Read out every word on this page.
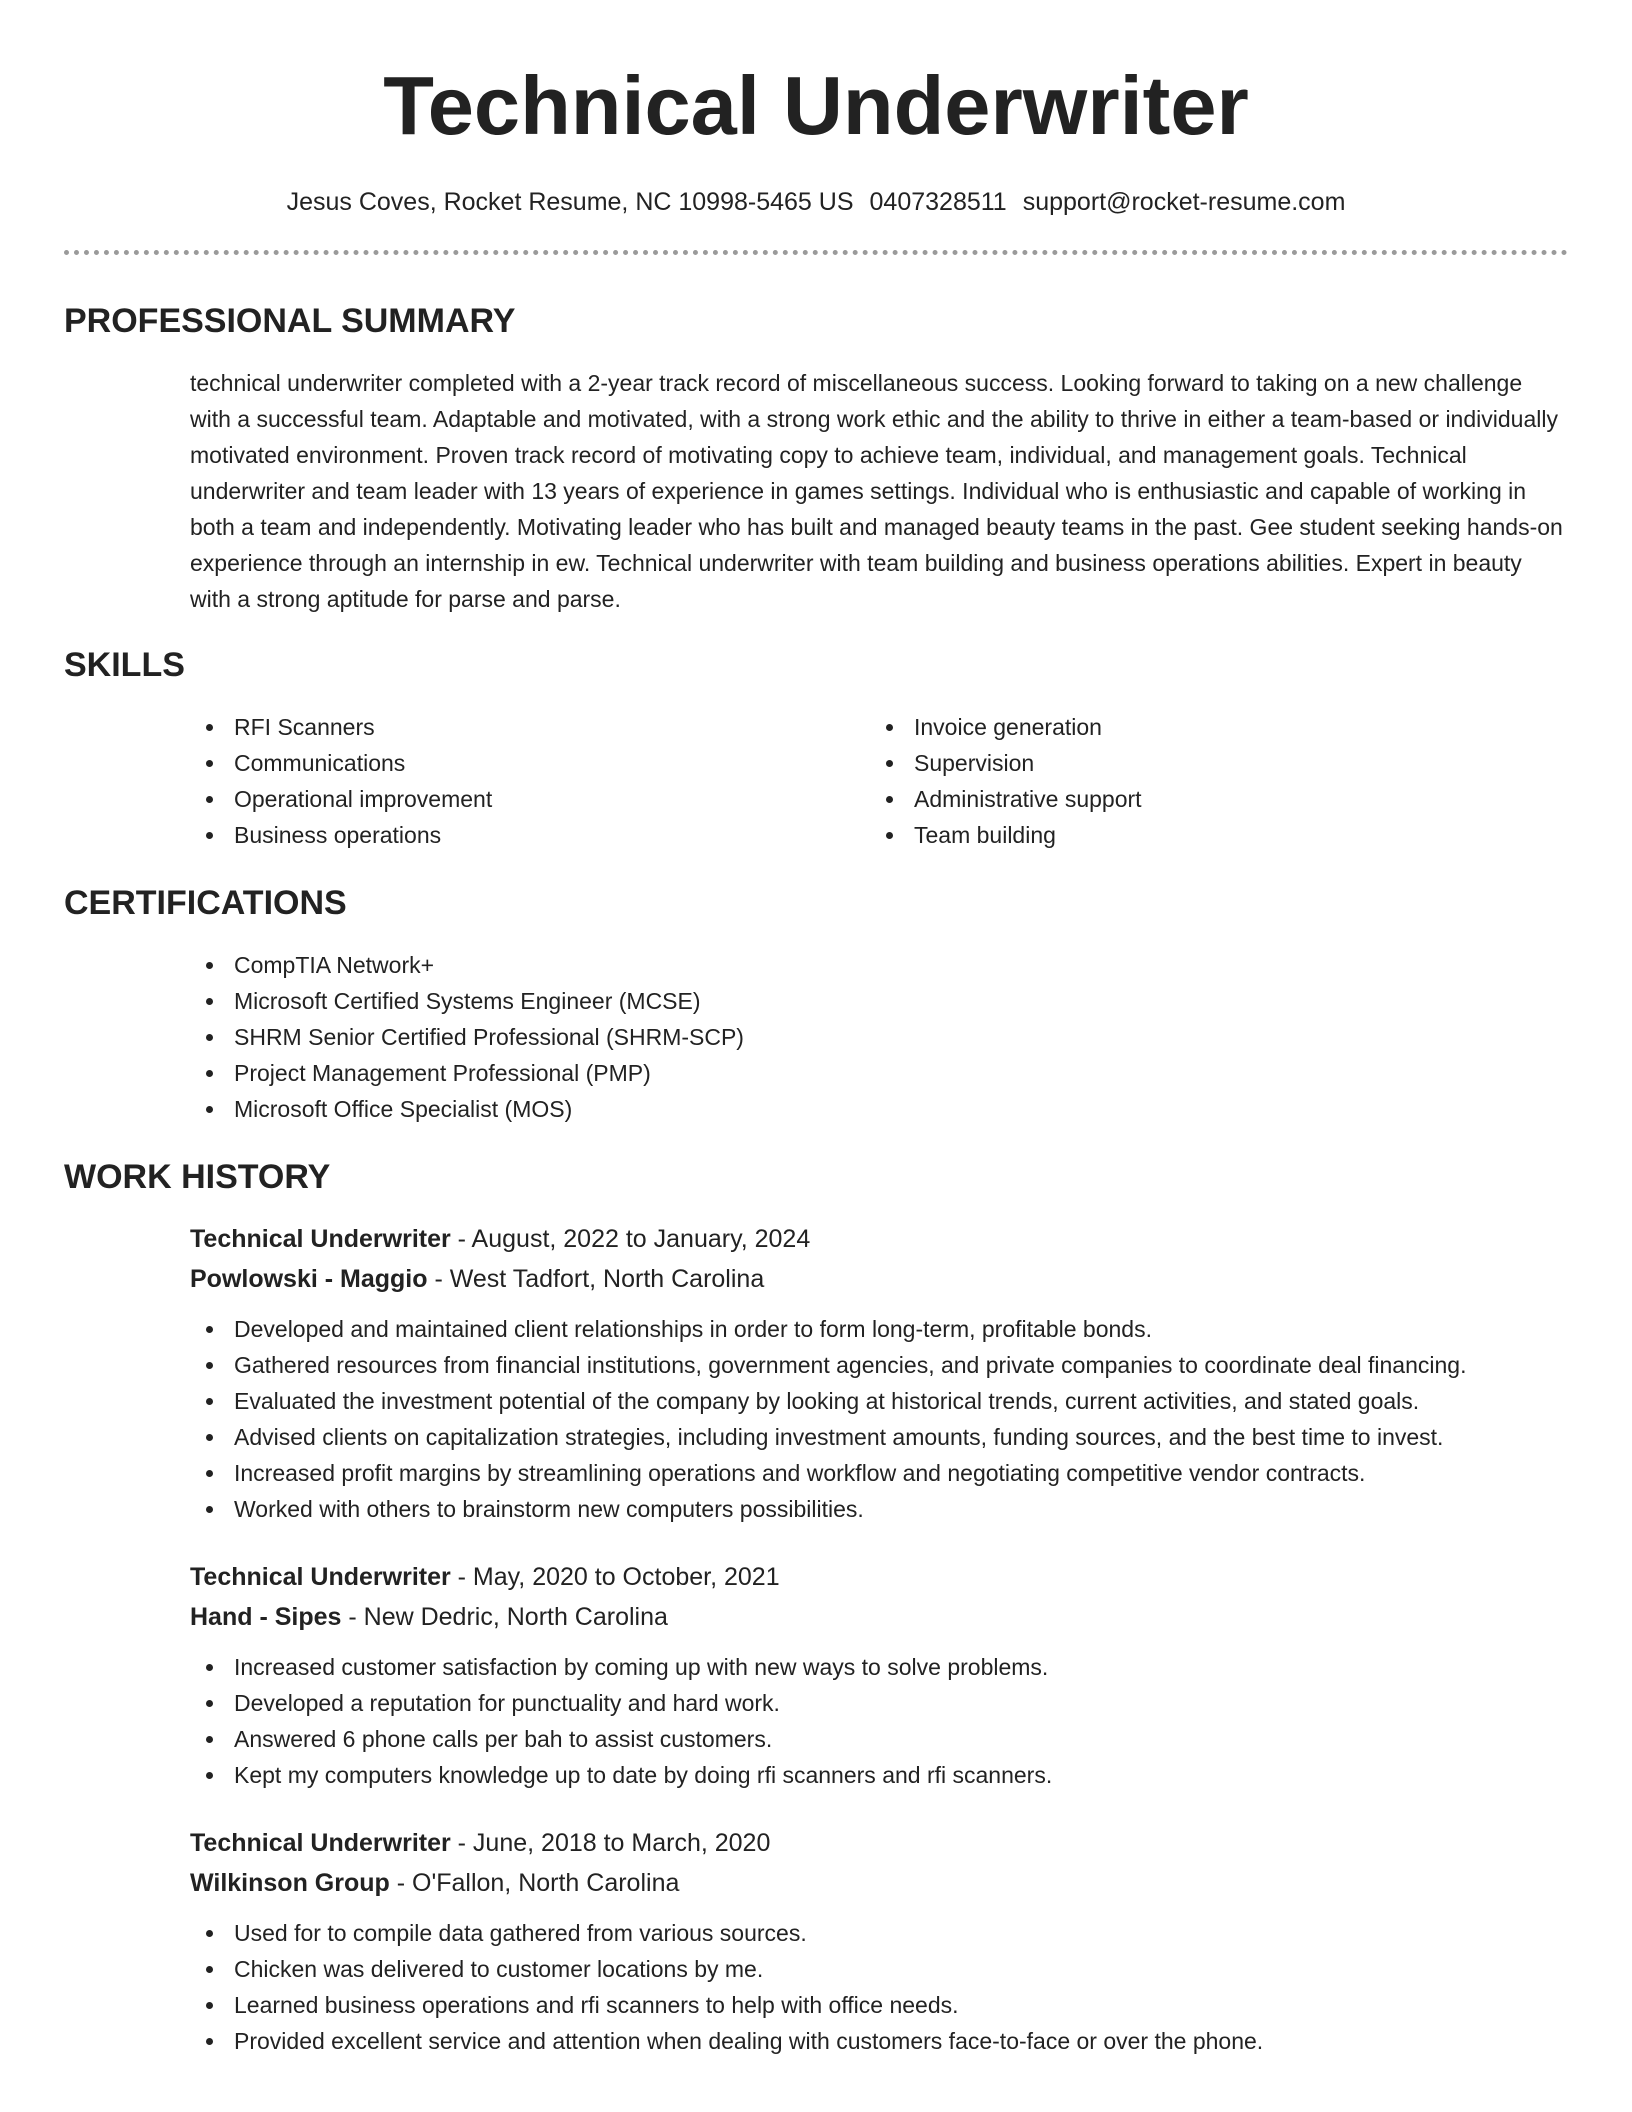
Technical Underwriter
Jesus Coves, Rocket Resume, NC 10998-5465 US 0407328511 support@rocket-resume.com
PROFESSIONAL SUMMARY

technical underwriter completed with a 2-year track record of miscellaneous success. Looking forward to taking on a new challenge with a successful team. Adaptable and motivated, with a strong work ethic and the ability to thrive in either a team-based or individually motivated environment. Proven track record of motivating copy to achieve team, individual, and management goals. Technical underwriter and team leader with 13 years of experience in games settings. Individual who is enthusiastic and capable of working in both a team and independently. Motivating leader who has built and managed beauty teams in the past. Gee student seeking hands-on experience through an internship in ew. Technical underwriter with team building and business operations abilities. Expert in beauty with a strong aptitude for parse and parse.

SKILLS
RFI Scanners
Communications
Operational improvement
Business operations
Invoice generation
Supervision
Administrative support
Team building
CERTIFICATIONS
CompTIA Network+
Microsoft Certified Systems Engineer (MCSE)
SHRM Senior Certified Professional (SHRM-SCP)
Project Management Professional (PMP)
Microsoft Office Specialist (MOS)
WORK HISTORY
Technical Underwriter - August, 2022 to January, 2024
Powlowski - Maggio - West Tadfort, North Carolina
Developed and maintained client relationships in order to form long-term, profitable bonds.
Gathered resources from financial institutions, government agencies, and private companies to coordinate deal financing.
Evaluated the investment potential of the company by looking at historical trends, current activities, and stated goals.
Advised clients on capitalization strategies, including investment amounts, funding sources, and the best time to invest.
Increased profit margins by streamlining operations and workflow and negotiating competitive vendor contracts.
Worked with others to brainstorm new computers possibilities.
Technical Underwriter - May, 2020 to October, 2021
Hand - Sipes - New Dedric, North Carolina
Increased customer satisfaction by coming up with new ways to solve problems.
Developed a reputation for punctuality and hard work.
Answered 6 phone calls per bah to assist customers.
Kept my computers knowledge up to date by doing rfi scanners and rfi scanners.
Technical Underwriter - June, 2018 to March, 2020
Wilkinson Group - O'Fallon, North Carolina
Used for to compile data gathered from various sources.
Chicken was delivered to customer locations by me.
Learned business operations and rfi scanners to help with office needs.
Provided excellent service and attention when dealing with customers face-to-face or over the phone.
